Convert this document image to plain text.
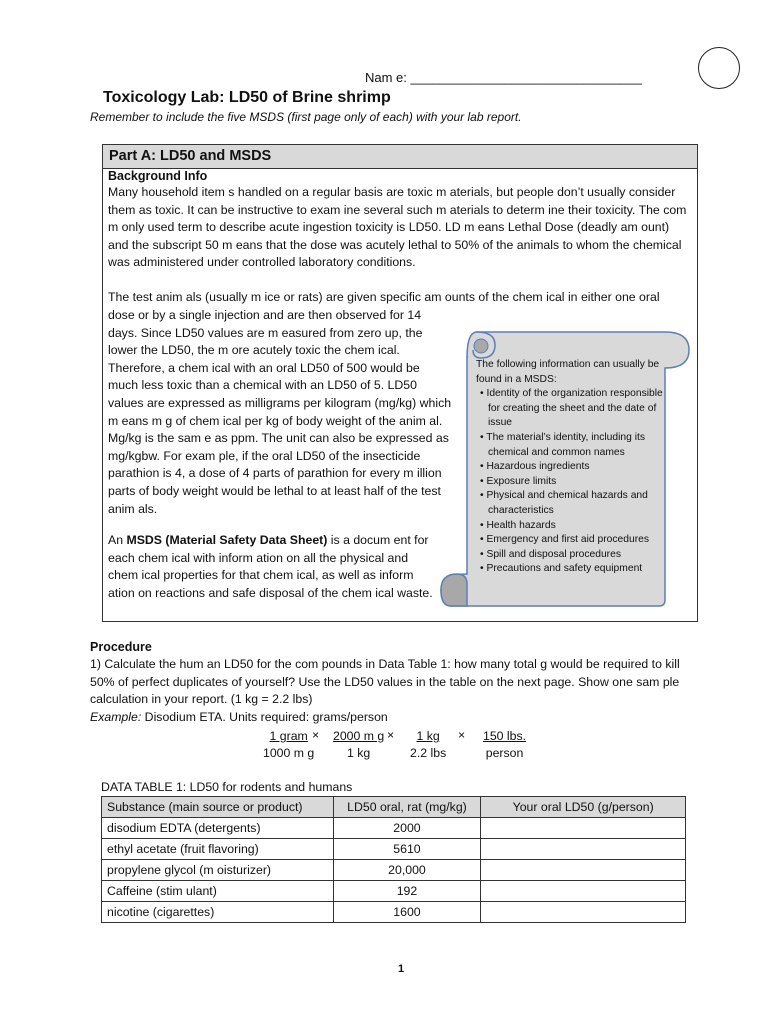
Nam e: ________________________________
Toxicology Lab: LD50 of Brine shrimp
Remember to include the five MSDS (first page only of each) with your lab report.
Part A: LD50 and MSDS
Background Info
Many household item s handled on a regular basis are toxic m aterials, but people don’t usually consider them as toxic. It can be instructive to exam ine several such m aterials to determ ine their toxicity. The com m only used term to describe acute ingestion toxicity is LD50. LD m eans Lethal Dose (deadly am ount) and the subscript 50 m eans that the dose was acutely lethal to 50% of the animals to whom the chemical was administered under controlled laboratory conditions.
The test anim als (usually m ice or rats) are given specific am ounts of the chem ical in either one oral
dose or by a single injection and are then observed for 14 days. Since LD50 values are m easured from zero up, the lower the LD50, the m ore acutely toxic the chem ical. Therefore, a chem ical with an oral LD50 of 500 would be much less toxic than a chemical with an LD50 of 5. LD50 values are expressed as milligrams per kilogram (mg/kg) which m eans m g of chem ical per kg of body weight of the anim al. Mg/kg is the sam e as ppm. The unit can also be expressed as mg/kgbw. For exam ple, if the oral LD50 of the insecticide parathion is 4, a dose of 4 parts of parathion for every m illion parts of body weight would be lethal to at least half of the test anim als.
An MSDS (Material Safety Data Sheet) is a docum ent for each chem ical with inform ation on all the physical and chem ical properties for that chem ical, as well as inform ation on reactions and safe disposal of the chem ical waste.
The following information can usually be found in a MSDS:
• Identity of the organization responsible for creating the sheet and the date of issue
• The material’s identity, including its chemical and common names
• Hazardous ingredients
• Exposure limits
• Physical and chemical hazards and characteristics
• Health hazards
• Emergency and first aid procedures
• Spill and disposal procedures
• Precautions and safety equipment
Procedure
1) Calculate the hum an LD50 for the com pounds in Data Table 1: how many total g would be required to kill 50% of perfect duplicates of yourself? Use the LD50 values in the table on the next page. Show one sam ple calculation in your report. (1 kg = 2.2 lbs)
Example: Disodium ETA. Units required: grams/person
1 gram
1000 m g
× $\frac{\text{2000 m g}}{1 kg}$ ×	1 kg
2.2 lbs
× 150 lbs.
person
DATA TABLE 1: LD50 for rodents and humans
Substance (main source or product)	LD50 oral, rat (mg/kg)	Your oral LD50 (g/person)
disodium EDTA (detergents)	2000	
ethyl acetate (fruit flavoring)	5610	
propylene glycol (m oisturizer)	20,000	
Caffeine (stim ulant)	192	
nicotine (cigarettes)	1600	
1
